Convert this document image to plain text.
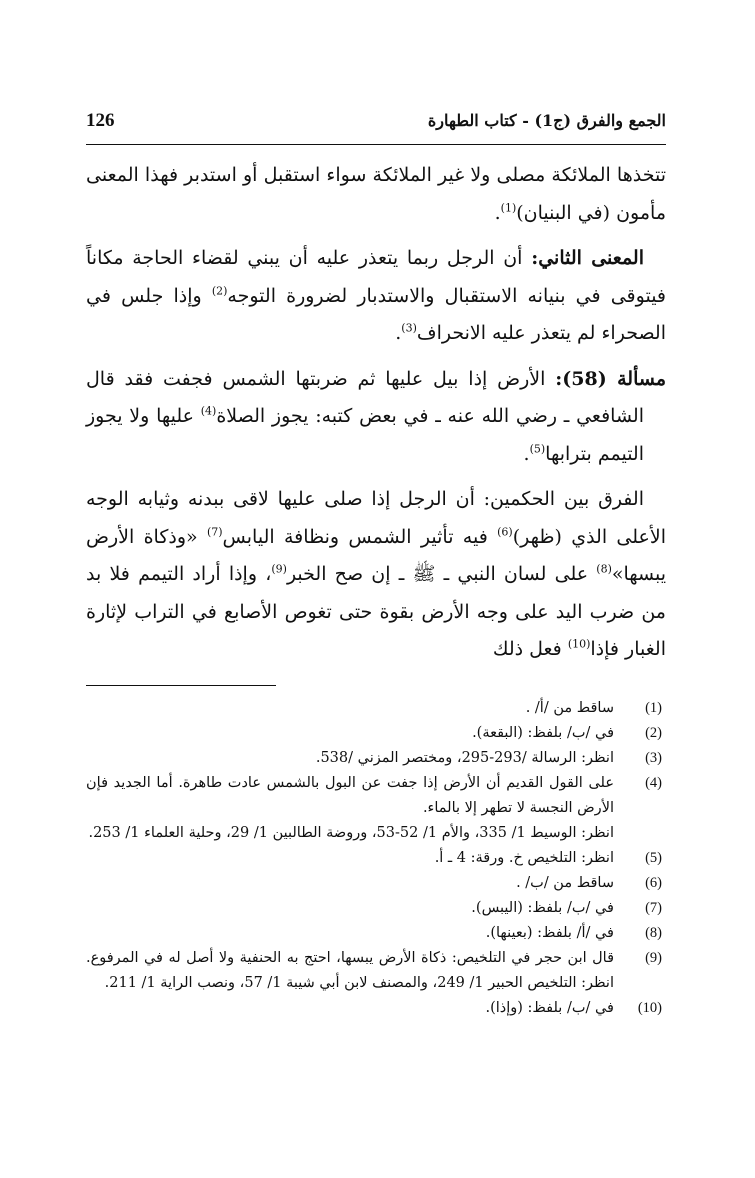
الجمع والفرق (ج1) - كتاب الطهارة
126

تتخذها الملائكة مصلى ولا غير الملائكة سواء استقبل أو استدبر فهذا المعنى مأمون (في البنيان)$^{(1)}$.

المعنى الثاني: أن الرجل ربما يتعذر عليه أن يبني لقضاء الحاجة مكاناً فيتوقى في بنيانه الاستقبال والاستدبار لضرورة التوجه$^{(2)}$ وإذا جلس في الصحراء لم يتعذر عليه الانحراف$^{(3)}$.

مسألة (58): الأرض إذا بيل عليها ثم ضربتها الشمس فجفت فقد قال الشافعي ـ رضي الله عنه ـ في بعض كتبه: يجوز الصلاة$^{(4)}$ عليها ولا يجوز التيمم بترابها$^{(5)}$.

الفرق بين الحكمين: أن الرجل إذا صلى عليها لاقى ببدنه وثيابه الوجه الأعلى الذي (ظهر)$^{(6)}$ فيه تأثير الشمس ونظافة اليابس$^{(7)}$ «وذكاة الأرض يبسها»$^{(8)}$ على لسان النبي ـ ﷺ ـ إن صح الخبر$^{(9)}$، وإذا أراد التيمم فلا بد من ضرب اليد على وجه الأرض بقوة حتى تغوص الأصابع في التراب لإثارة الغبار فإذا$^{(10)}$ فعل ذلك

(1)

ساقط من /أ/ .

(2)

في /ب/ بلفظ: (البقعة).

(3)

انظر: الرسالة /293-295، ومختصر المزني /538.

(4)

على القول القديم أن الأرض إذا جفت عن البول بالشمس عادت طاهرة. أما الجديد فإن الأرض النجسة لا تطهر إلا بالماء.

انظر: الوسيط 1/ 335، والأم 1/ 52-53، وروضة الطالبين 1/ 29، وحلية العلماء 1/ 253.

(5)

انظر: التلخيص خ. ورقة: 4 ـ أ.

(6)

ساقط من /ب/ .

(7)

في /ب/ بلفظ: (اليبس).

(8)

في /أ/ بلفظ: (بعينها).

(9)

قال ابن حجر في التلخيص: ذكاة الأرض يبسها، احتج به الحنفية ولا أصل له في المرفوع. انظر: التلخيص الحبير 1/ 249، والمصنف لابن أبي شيبة 1/ 57، ونصب الراية 1/ 211.

(10)

في /ب/ بلفظ: (وإذا).
